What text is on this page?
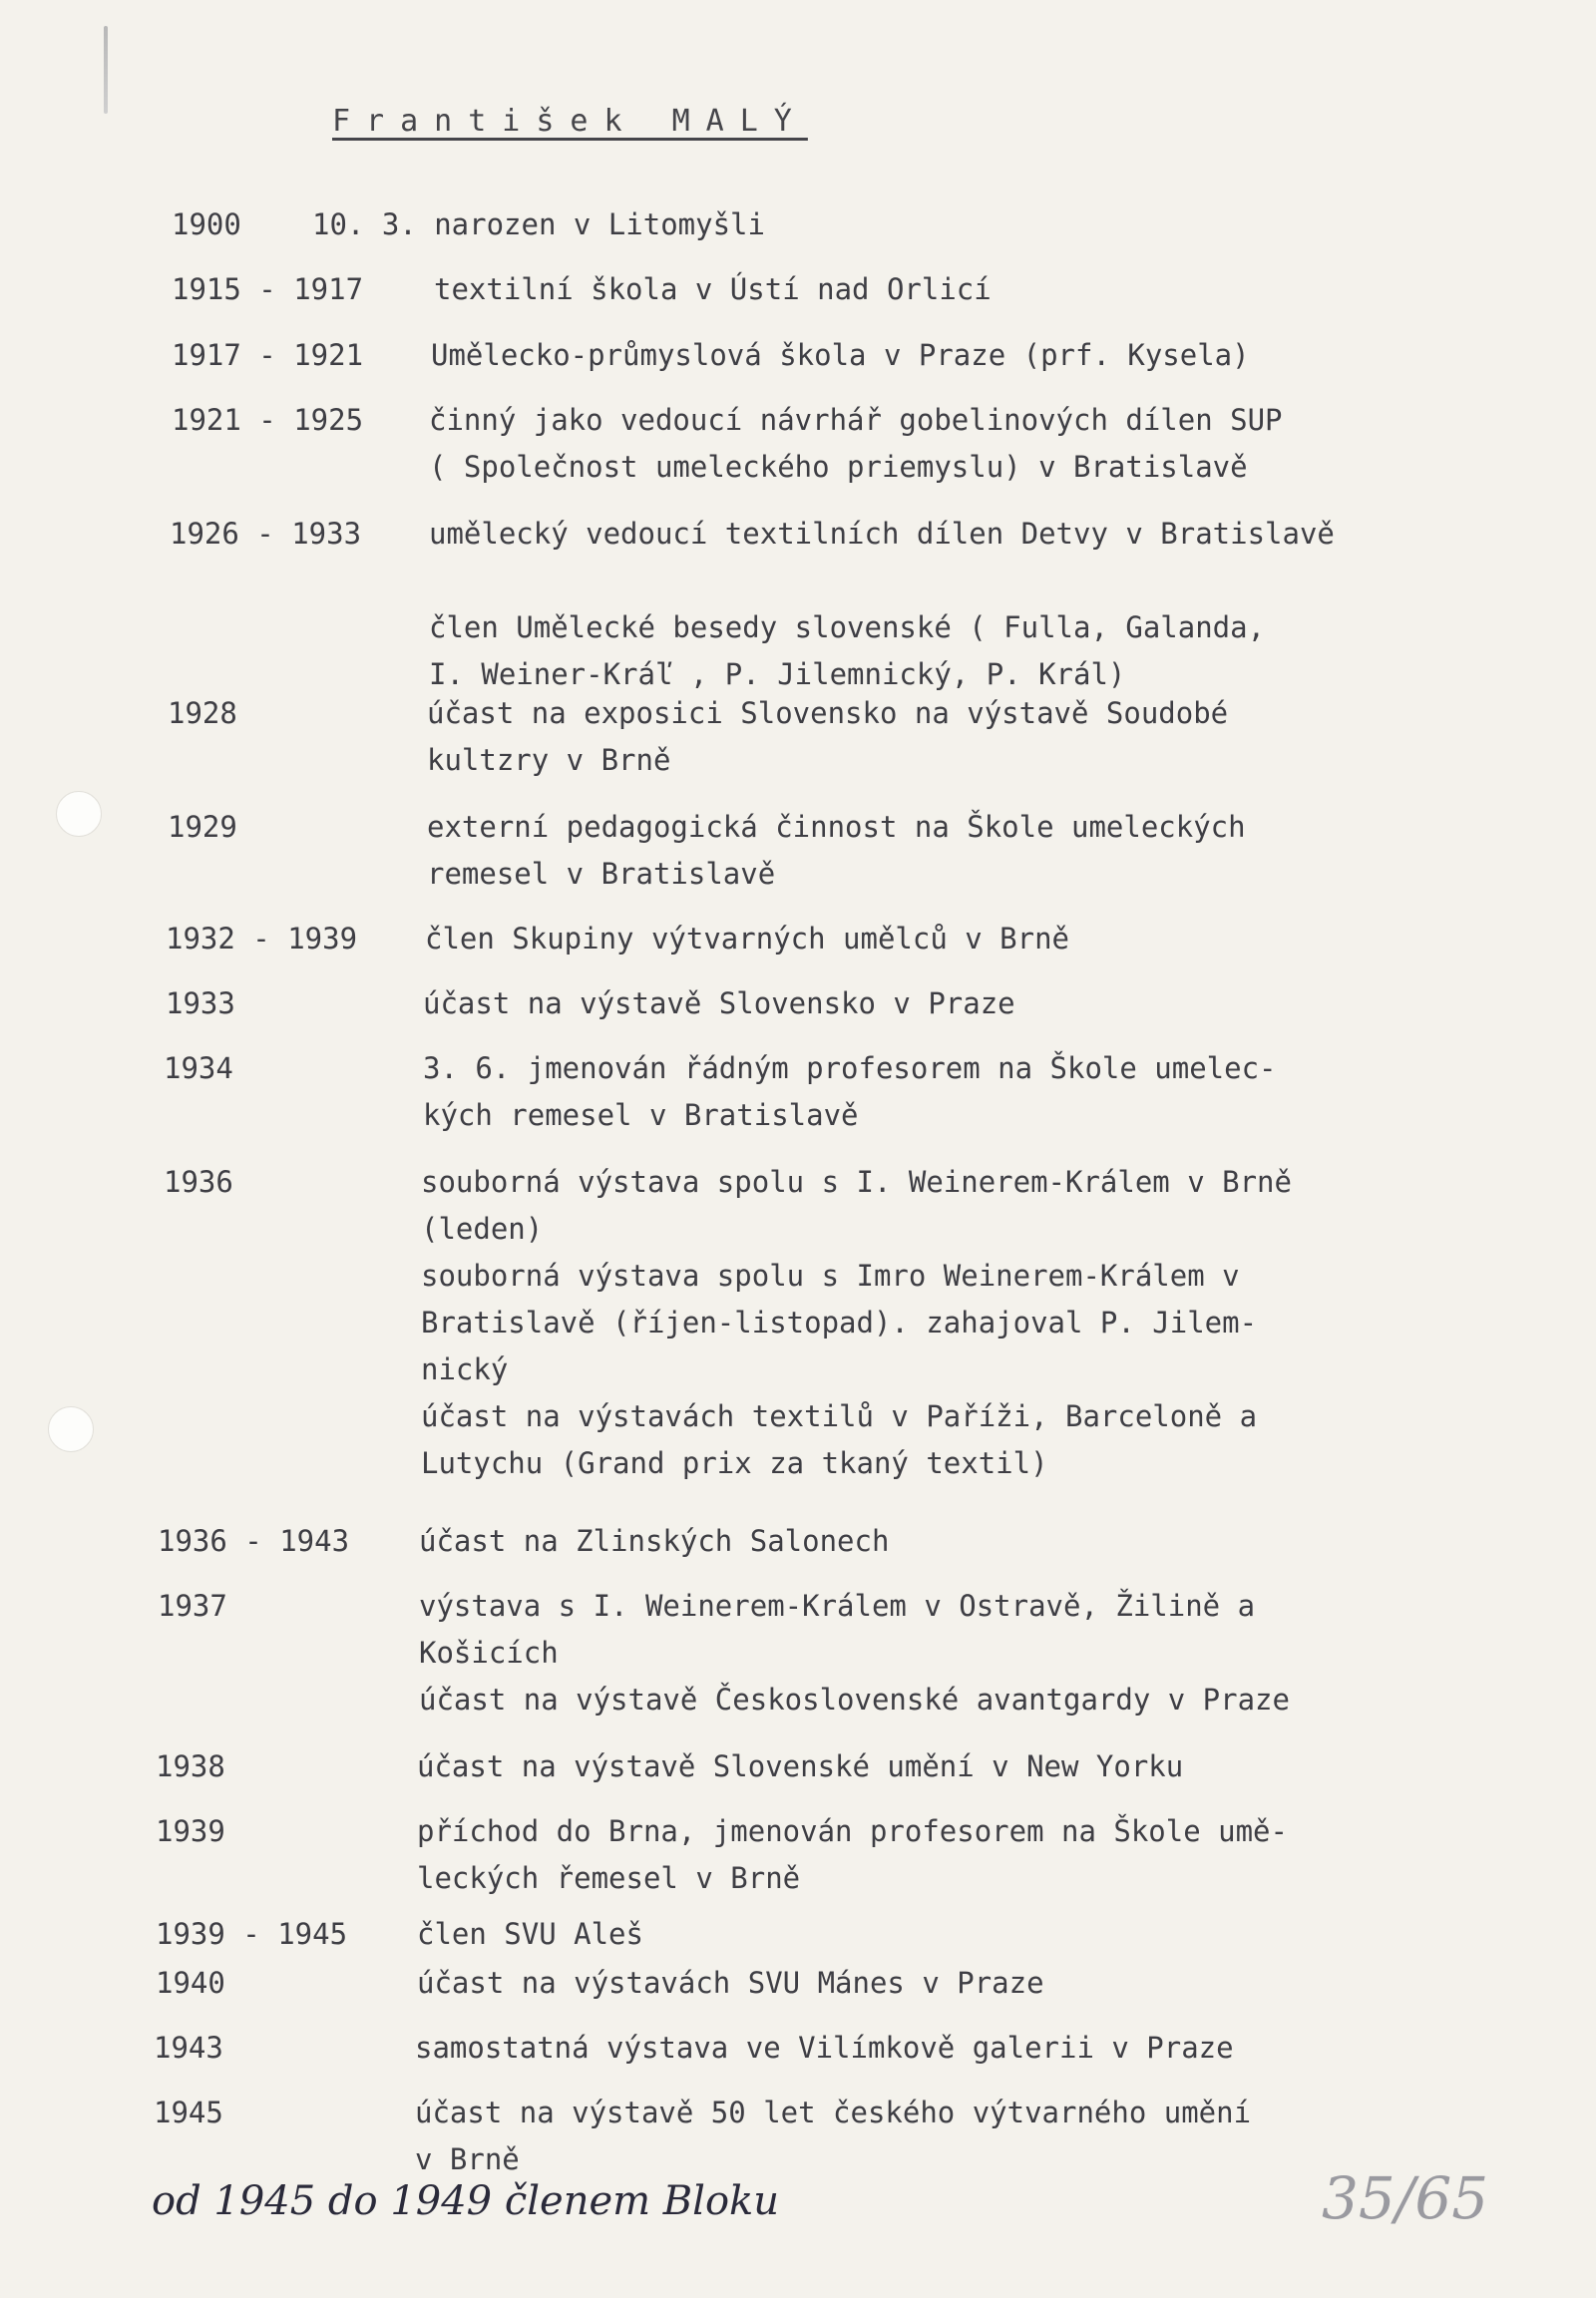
František MALÝ
1900 10. 3. narozen v Litomyšli
1915 - 1917 textilní škola v Ústí nad Orlicí
1917 - 1921 Umělecko-průmyslová škola v Praze (prf. Kysela)
1921 - 1925 činný jako vedoucí návrhář gobelinových dílen SUP
( Společnost umeleckého priemyslu) v Bratislavě
1926 - 1933 umělecký vedoucí textilních dílen Detvy v Bratislavě

člen Umělecké besedy slovenské ( Fulla, Galanda,
I. Weiner-Kráľ , P. Jilemnický, P. Král)
1928	účast na exposici Slovensko na výstavě Soudobé
kultzry v Brně
1929	externí pedagogická činnost na Škole umeleckých
remesel v Bratislavě
1932 - 1939 člen Skupiny výtvarných umělců v Brně
1933	účast na výstavě Slovensko v Praze
1934	3. 6. jmenován řádným profesorem na Škole umelec-
kých remesel v Bratislavě
1936	souborná výstava spolu s I. Weinerem-Králem v Brně
(leden)
souborná výstava spolu s Imro Weinerem-Králem v
Bratislavě (říjen-listopad). zahajoval P. Jilem-
nický
účast na výstavách textilů v Paříži, Barceloně a
Lutychu (Grand prix za tkaný textil)
1936 - 1943 účast na Zlinských Salonech
1937	výstava s I. Weinerem-Králem v Ostravě, Žilině a
Košicích
účast na výstavě Československé avantgardy v Praze
1938	účast na výstavě Slovenské umění v New Yorku
1939	příchod do Brna, jmenován profesorem na Škole umě-
leckých řemesel v Brně
1939 - 1945 člen SVU Aleš
1940	účast na výstavách SVU Mánes v Praze
1943	samostatná výstava ve Vilímkově galerii v Praze
1945	účast na výstavě 50 let českého výtvarného umění
v Brně
od 1945 do 1949 členem Bloku	35/65
